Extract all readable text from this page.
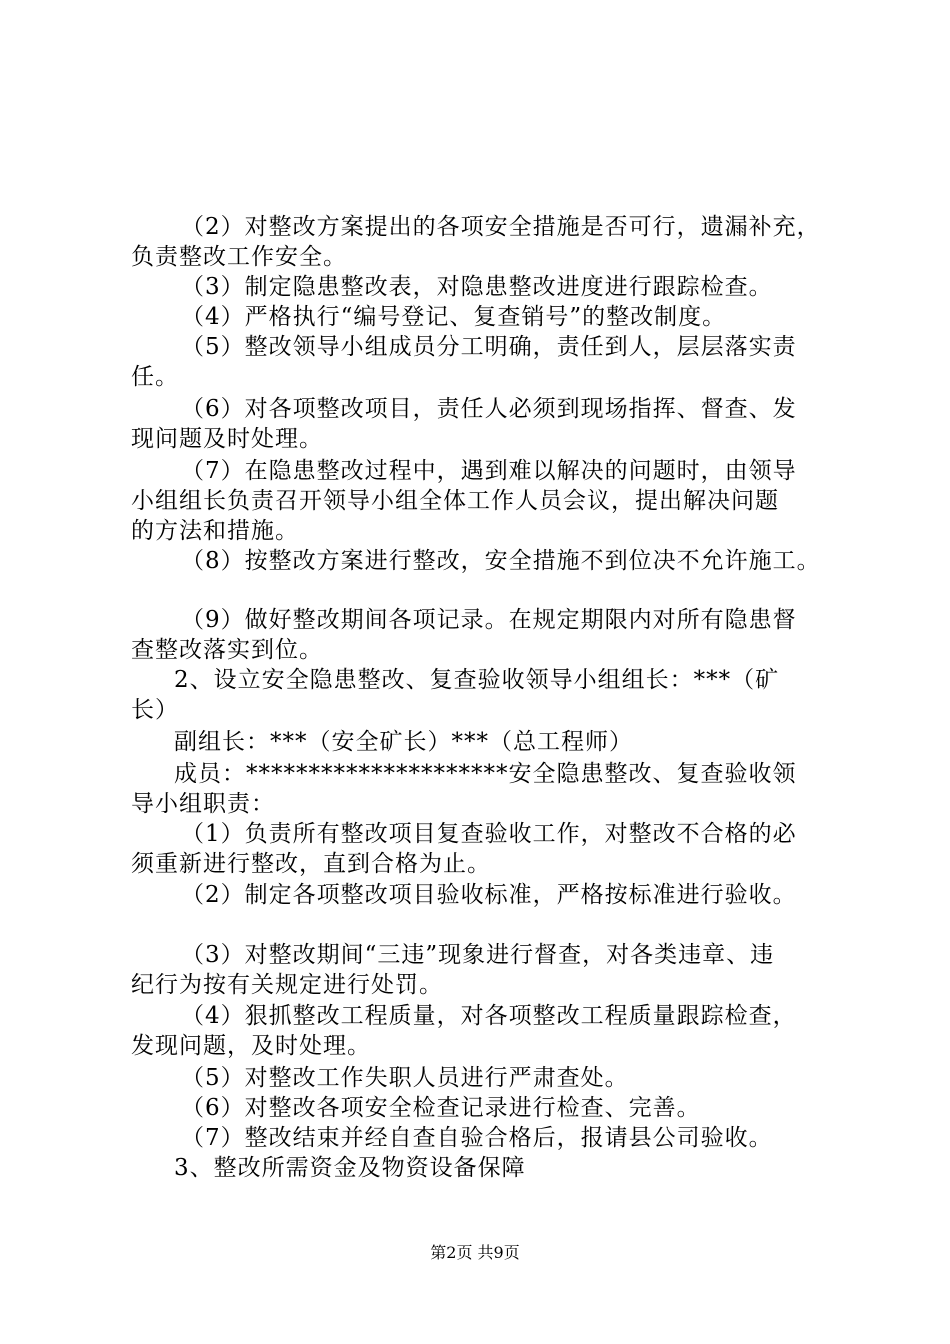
（2）对整改方案提出的各项安全措施是否可行，遗漏补充，
负责整改工作安全。
（3）制定隐患整改表，对隐患整改进度进行跟踪检查。
（4）严格执行“编号登记、复查销号”的整改制度。
（5）整改领导小组成员分工明确，责任到人，层层落实责
任。
（6）对各项整改项目，责任人必须到现场指挥、督查、发
现问题及时处理。
（7）在隐患整改过程中，遇到难以解决的问题时，由领导
小组组长负责召开领导小组全体工作人员会议，提出解决问题
的方法和措施。
（8）按整改方案进行整改，安全措施不到位决不允许施工。
（9）做好整改期间各项记录。在规定期限内对所有隐患督
查整改落实到位。
2、设立安全隐患整改、复查验收领导小组组长：***（矿
长）
副组长：***（安全矿长）***（总工程师）
成员：*********************安全隐患整改、复查验收领
导小组职责：
（1）负责所有整改项目复查验收工作，对整改不合格的必
须重新进行整改，直到合格为止。
（2）制定各项整改项目验收标准，严格按标准进行验收。
（3）对整改期间“三违”现象进行督查，对各类违章、违
纪行为按有关规定进行处罚。
（4）狠抓整改工程质量，对各项整改工程质量跟踪检查，
发现问题，及时处理。
（5）对整改工作失职人员进行严肃查处。
（6）对整改各项安全检查记录进行检查、完善。
（7）整改结束并经自查自验合格后，报请县公司验收。
3、整改所需资金及物资设备保障
第2页 共9页
